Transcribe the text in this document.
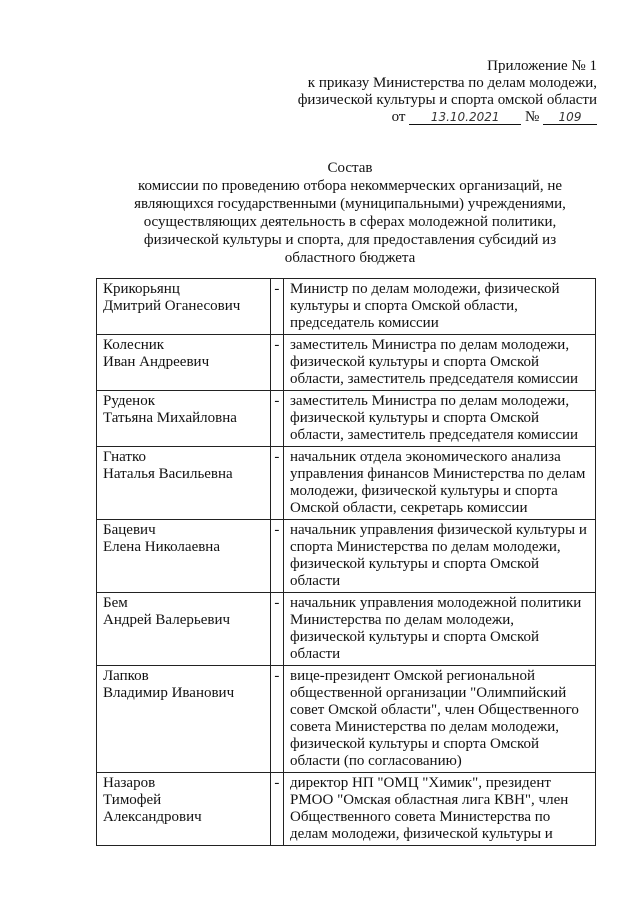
Приложение № 1
к приказу Министерства по делам молодежи,
физической культуры и спорта омской области
от 13.10.2021 № 109
Состав
комиссии по проведению отбора некоммерческих организаций, не
являющихся государственными (муниципальными) учреждениями,
осуществляющих деятельность в сферах молодежной политики,
физической культуры и спорта, для предоставления субсидий из
областного бюджета
Крикорьянц
Дмитрий Оганесович	-	Министр по делам молодежи, физической культуры и спорта Омской области, председатель комиссии

Колесник
Иван Андреевич	-	заместитель Министра по делам молодежи, физической культуры и спорта Омской области, заместитель председателя комиссии

Руденок
Татьяна Михайловна	-	заместитель Министра по делам молодежи, физической культуры и спорта Омской области, заместитель председателя комиссии

Гнатко
Наталья Васильевна	-	начальник отдела экономического анализа управления финансов Министерства по делам молодежи, физической культуры и спорта Омской области, секретарь комиссии

Бацевич
Елена Николаевна	-	начальник управления физической культуры и спорта Министерства по делам молодежи, физической культуры и спорта Омской области

Бем
Андрей Валерьевич	-	начальник управления молодежной политики Министерства по делам молодежи, физической культуры и спорта Омской области

Лапков
Владимир Иванович	-	вице-президент Омской региональной общественной организации "Олимпийский совет Омской области", член Общественного совета Министерства по делам молодежи, физической культуры и спорта Омской области (по согласованию)

Назаров
Тимофей
Александрович	-	директор НП "ОМЦ "Химик", президент РМОО "Омская областная лига КВН", член Общественного совета Министерства по делам молодежи, физической культуры и
